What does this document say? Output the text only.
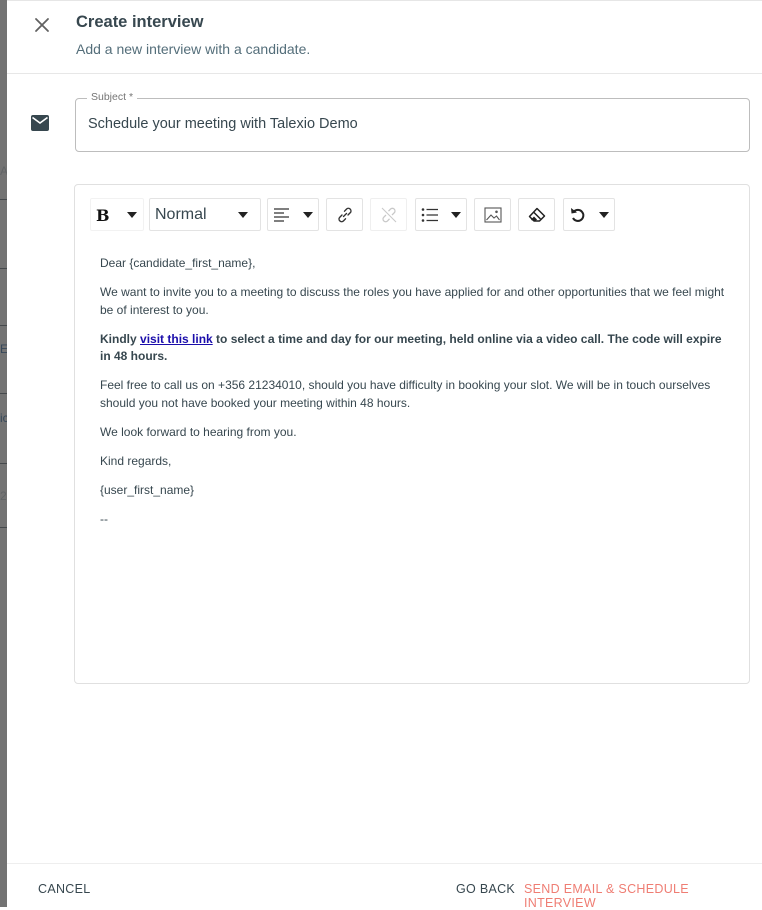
Create interview
Add a new interview with a candidate.
Subject *
Schedule your meeting with Talexio Demo
B	Normal

Dear {candidate_first_name},

We want to invite you to a meeting to discuss the roles you have applied for and other opportunities that we feel might be of interest to you.

Kindly visit this link to select a time and day for our meeting, held online via a video call. The code will expire in 48 hours.

Feel free to call us on +356 21234010, should you have difficulty in booking your slot. We will be in touch ourselves should you not have booked your meeting within 48 hours.

We look forward to hearing from you.

Kind regards,

{user_first_name}

--

CANCEL	GO BACK SEND EMAIL & SCHEDULE INTERVIEW
